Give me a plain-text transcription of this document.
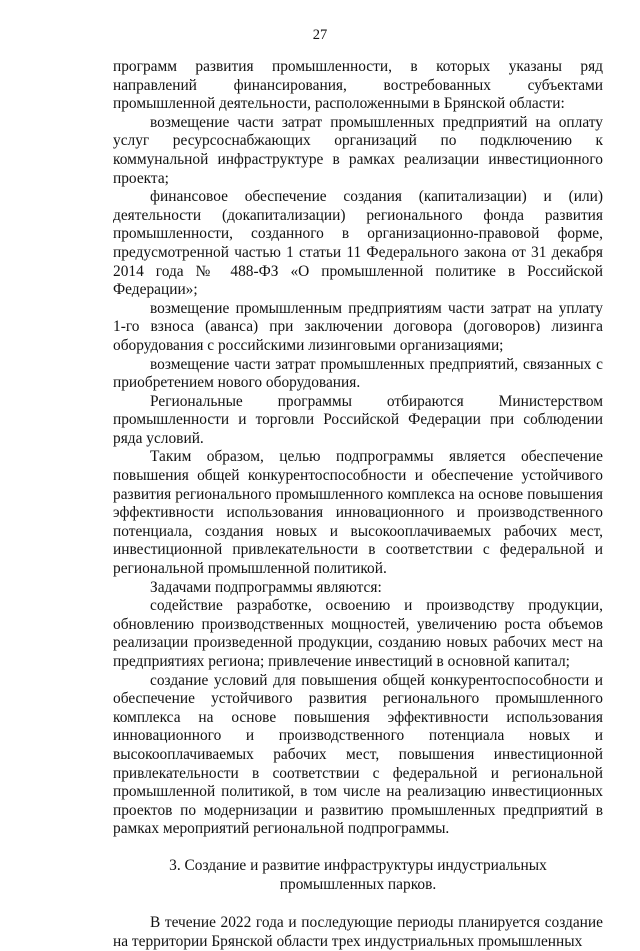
27

программ развития промышленности, в которых указаны ряд направлений финансирования, востребованных субъектами промышленной деятельности, расположенными в Брянской области:

возмещение части затрат промышленных предприятий на оплату услуг ресурсоснабжающих организаций по подключению к коммунальной инфраструктуре в рамках реализации инвестиционного проекта;

финансовое обеспечение создания (капитализации) и (или) деятельности (докапитализации) регионального фонда развития промышленности, созданного в организационно-правовой форме, предусмотренной частью 1 статьи 11 Федерального закона от 31 декабря 2014 года № 488-ФЗ «О промышленной политике в Российской Федерации»;

возмещение промышленным предприятиям части затрат на уплату 1-го взноса (аванса) при заключении договора (договоров) лизинга оборудования с российскими лизинговыми организациями;

возмещение части затрат промышленных предприятий, связанных с приобретением нового оборудования.

Региональные программы отбираются Министерством промышленности и торговли Российской Федерации при соблюдении ряда условий.

Таким образом, целью подпрограммы является обеспечение повышения общей конкурентоспособности и обеспечение устойчивого развития регионального промышленного комплекса на основе повышения эффективности использования инновационного и производственного потенциала, создания новых и высокооплачиваемых рабочих мест, инвестиционной привлекательности в соответствии с федеральной и региональной промышленной политикой.

Задачами подпрограммы являются:

содействие разработке, освоению и производству продукции, обновлению производственных мощностей, увеличению роста объемов реализации произведенной продукции, созданию новых рабочих мест на предприятиях региона; привлечение инвестиций в основной капитал;

создание условий для повышения общей конкурентоспособности и обеспечение устойчивого развития регионального промышленного комплекса на основе повышения эффективности использования инновационного и производственного потенциала новых и высокооплачиваемых рабочих мест, повышения инвестиционной привлекательности в соответствии с федеральной и региональной промышленной политикой, в том числе на реализацию инвестиционных проектов по модернизации и развитию промышленных предприятий в рамках мероприятий региональной подпрограммы.

3. Создание и развитие инфраструктуры индустриальных
промышленных парков.

В течение 2022 года и последующие периоды планируется создание на территории Брянской области трех индустриальных промышленных
